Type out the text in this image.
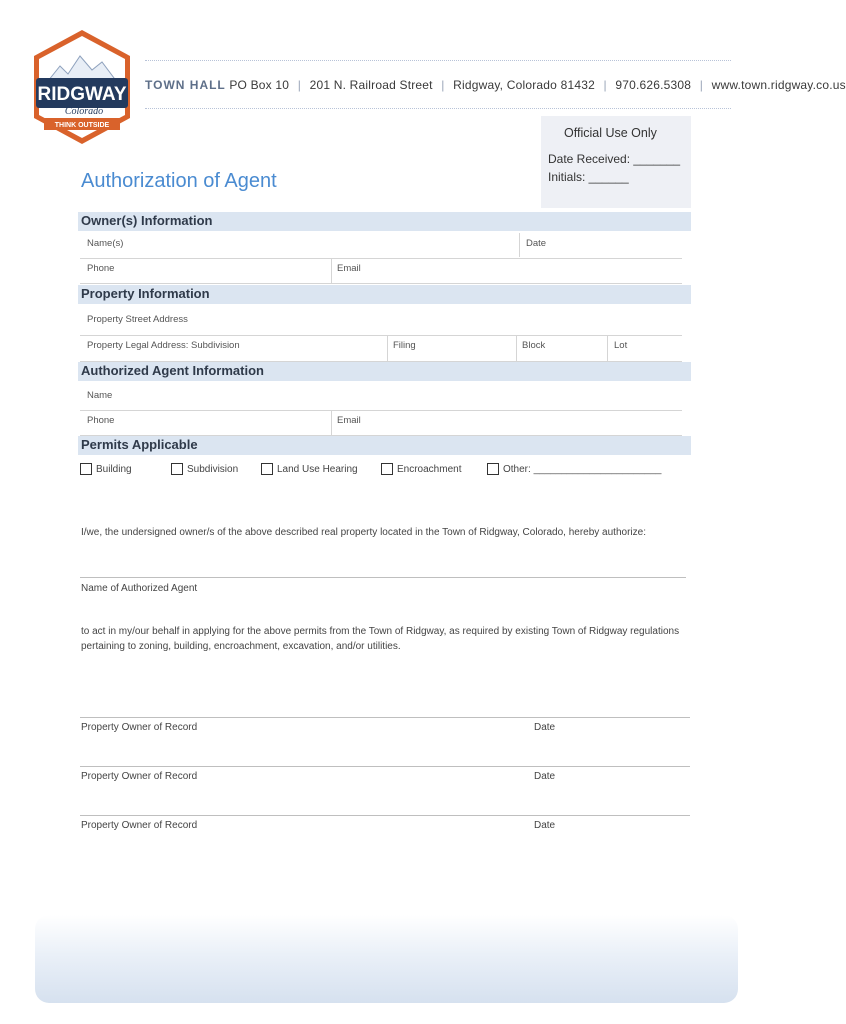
RIDGWAY
Colorado
THINK OUTSIDE
TOWN HALL PO Box 10 | 201 N. Railroad Street | Ridgway, Colorado 81432 | 970.626.5308 | www.town.ridgway.co.us
Official Use Only
Date Received: _______
Initials: ______
Authorization of Agent
Owner(s) Information
Name(s)	Date
Phone	Email
Property Information
Property Street Address
Property Legal Address: Subdivision	Filing	Block	Lot
Authorized Agent Information
Name
Phone	Email
Permits Applicable
Building	Subdivision	Land Use Hearing	Encroachment	Other: _______________________
I/we, the undersigned owner/s of the above described real property located in the Town of Ridgway, Colorado, hereby authorize:
Name of Authorized Agent
to act in my/our behalf in applying for the above permits from the Town of Ridgway, as required by existing Town of Ridgway regulations pertaining to zoning, building, encroachment, excavation, and/or utilities.
Property Owner of Record	Date
Property Owner of Record	Date
Property Owner of Record	Date
